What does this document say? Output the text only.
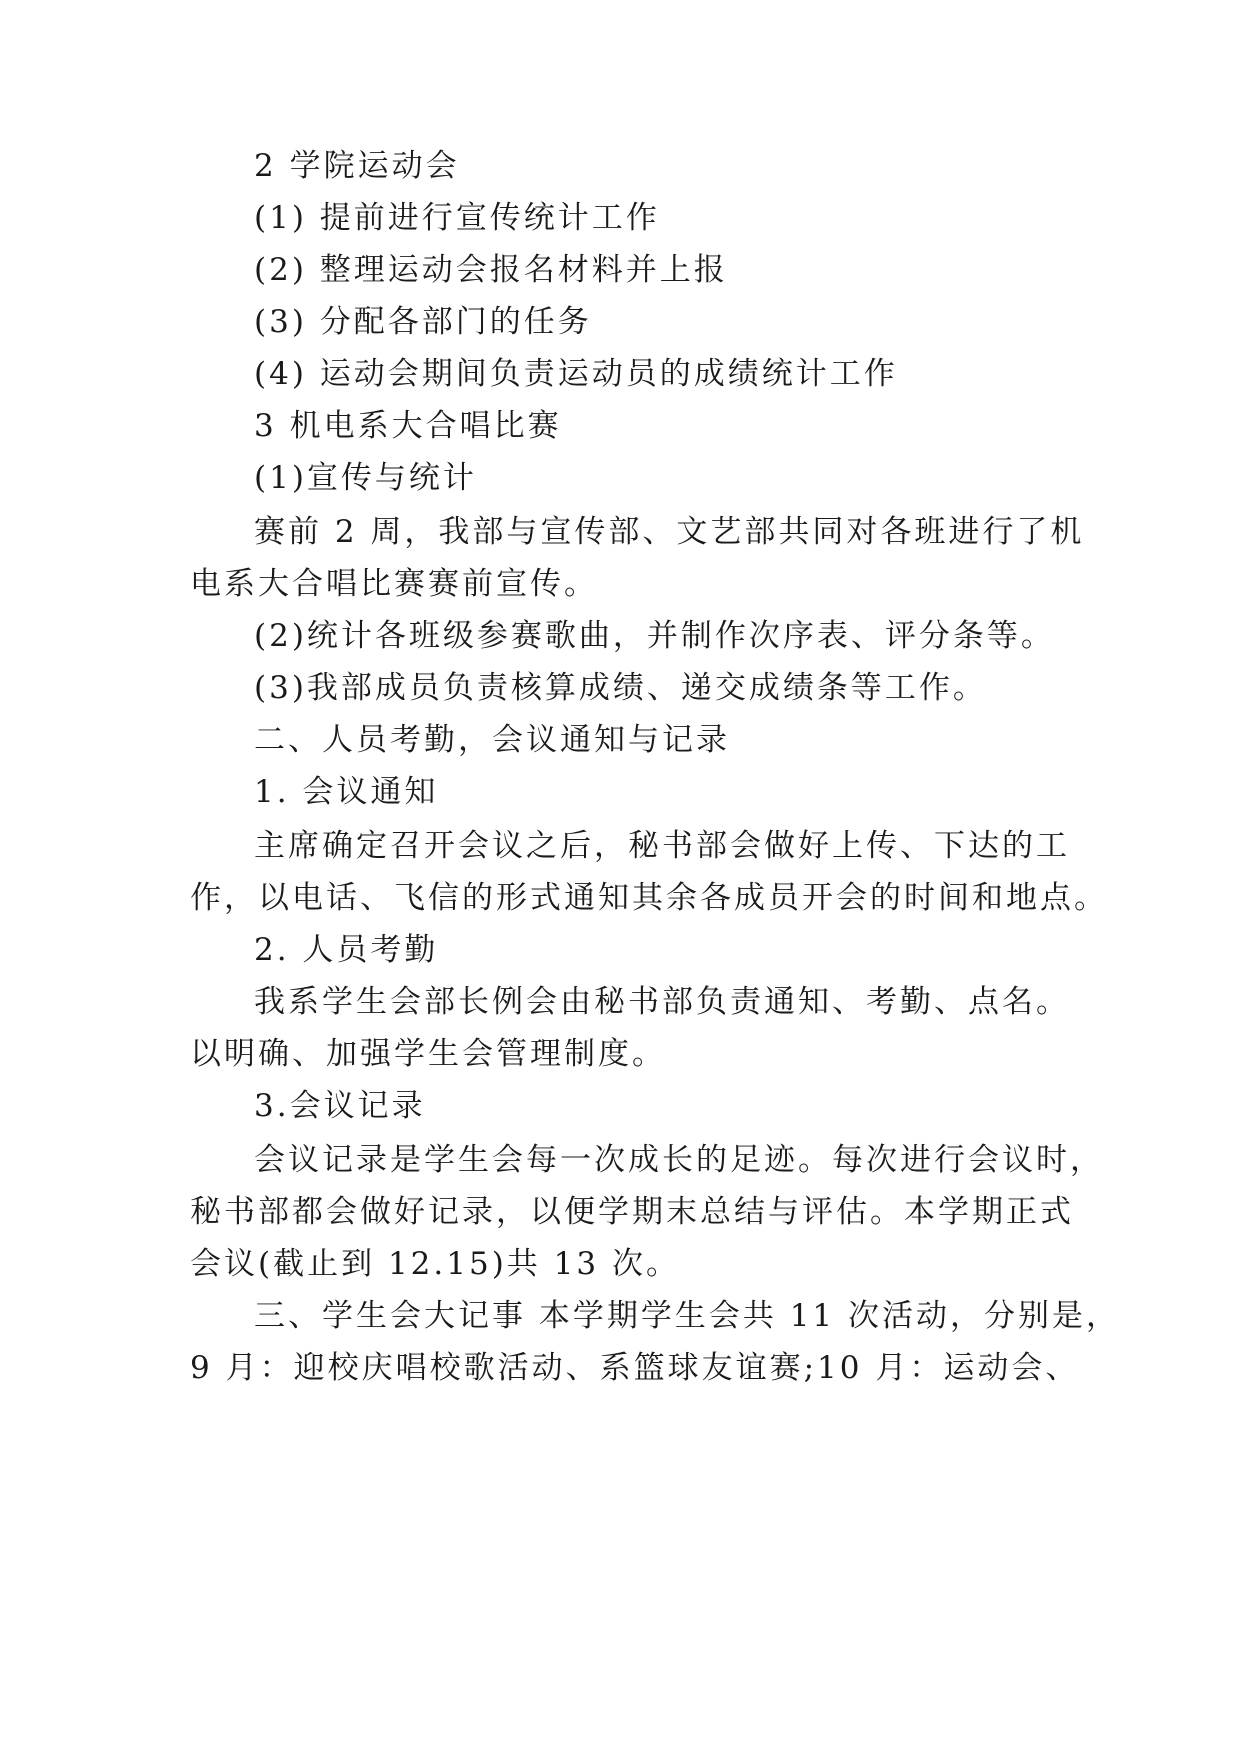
2 学院运动会
(1) 提前进行宣传统计工作
(2) 整理运动会报名材料并上报
(3) 分配各部门的任务
(4) 运动会期间负责运动员的成绩统计工作
3 机电系大合唱比赛
(1)宣传与统计
赛前 2 周，我部与宣传部、文艺部共同对各班进行了机
电系大合唱比赛赛前宣传。
(2)统计各班级参赛歌曲，并制作次序表、评分条等。
(3)我部成员负责核算成绩、递交成绩条等工作。
二、人员考勤，会议通知与记录
1. 会议通知
主席确定召开会议之后，秘书部会做好上传、下达的工
作，以电话、飞信的形式通知其余各成员开会的时间和地点。
2. 人员考勤
我系学生会部长例会由秘书部负责通知、考勤、点名。
以明确、加强学生会管理制度。
3.会议记录
会议记录是学生会每一次成长的足迹。每次进行会议时，
秘书部都会做好记录，以便学期末总结与评估。本学期正式
会议(截止到 12.15)共 13 次。
三、学生会大记事 本学期学生会共 11 次活动，分别是，
9 月：迎校庆唱校歌活动、系篮球友谊赛;10 月：运动会、
